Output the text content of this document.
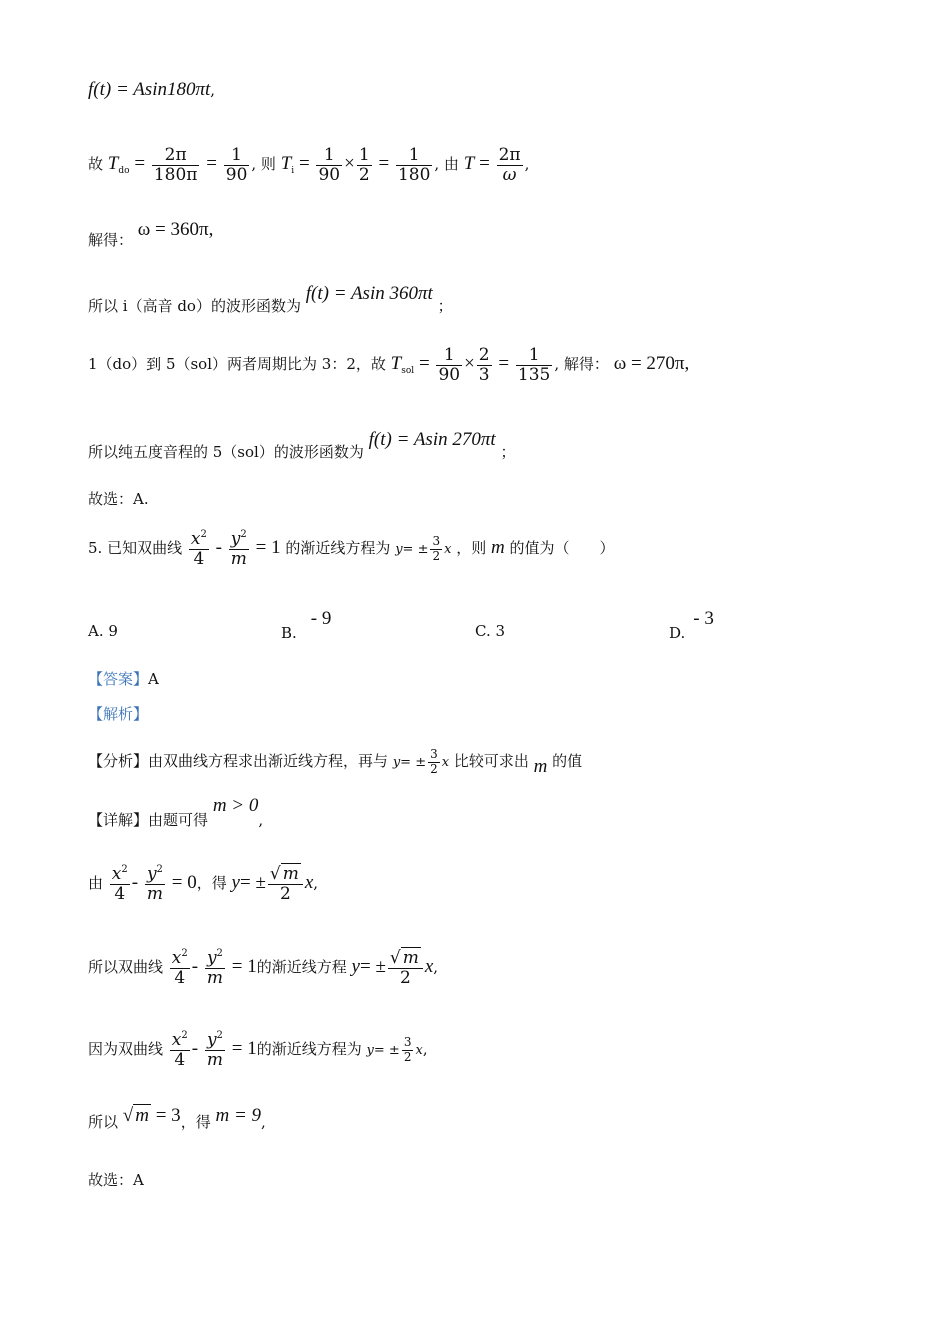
f(t) = Asin180πt,
故 $T_{do} = \frac{2\pi}{180\pi} = \frac{1}{90}$ , 则 $T_i = \frac{1}{90} \times \frac{1}{2} = \frac{1}{180}$ , 由 $T = \frac{2\pi}{\omega}$ ,
解得： ω = 360π,
所以 i（高音 do）的波形函数为 f(t) = Asin 360πt ；
1（do）到 5（sol）两者周期比为 3：2，故 $T_{sol} = \frac{1}{90} \times \frac{2}{3} = \frac{1}{135}$ , 解得： ω = 270π,
所以纯五度音程的 5（sol）的波形函数为 f(t) = Asin 270πt ；
故选：A.
5. 已知双曲线 $\frac{x^2}{4} - \frac{y^2}{m} = 1$ 的渐近线方程为 $y= \pm \frac{3}{2}$ x ，则 m 的值为（　　）
A. 9	B.- 9
C. 3	D.- 3
【答案】A
【解析】
【分析】由双曲线方程求出渐近线方程，再与 $y= \pm \frac{3}{2}$ x 比较可求出 m 的值
【详解】由题可得 m > 0,
由 $\frac{x^2}{4} - \frac{y^2}{m} = 0$，得 $y= \pm \frac{√ m}{2} x$,
所以双曲线 $\frac{x^2}{4} - \frac{y^2}{m} = 1$的渐近线方程 $y= \pm \frac{√ m}{2} x$,
因为双曲线 $\frac{x^2}{4} - \frac{y^2}{m} = 1$的渐近线方程为 $y= \pm \frac{3}{2} x$,
所以 √ m = 3，得 m = 9,
故选：A
